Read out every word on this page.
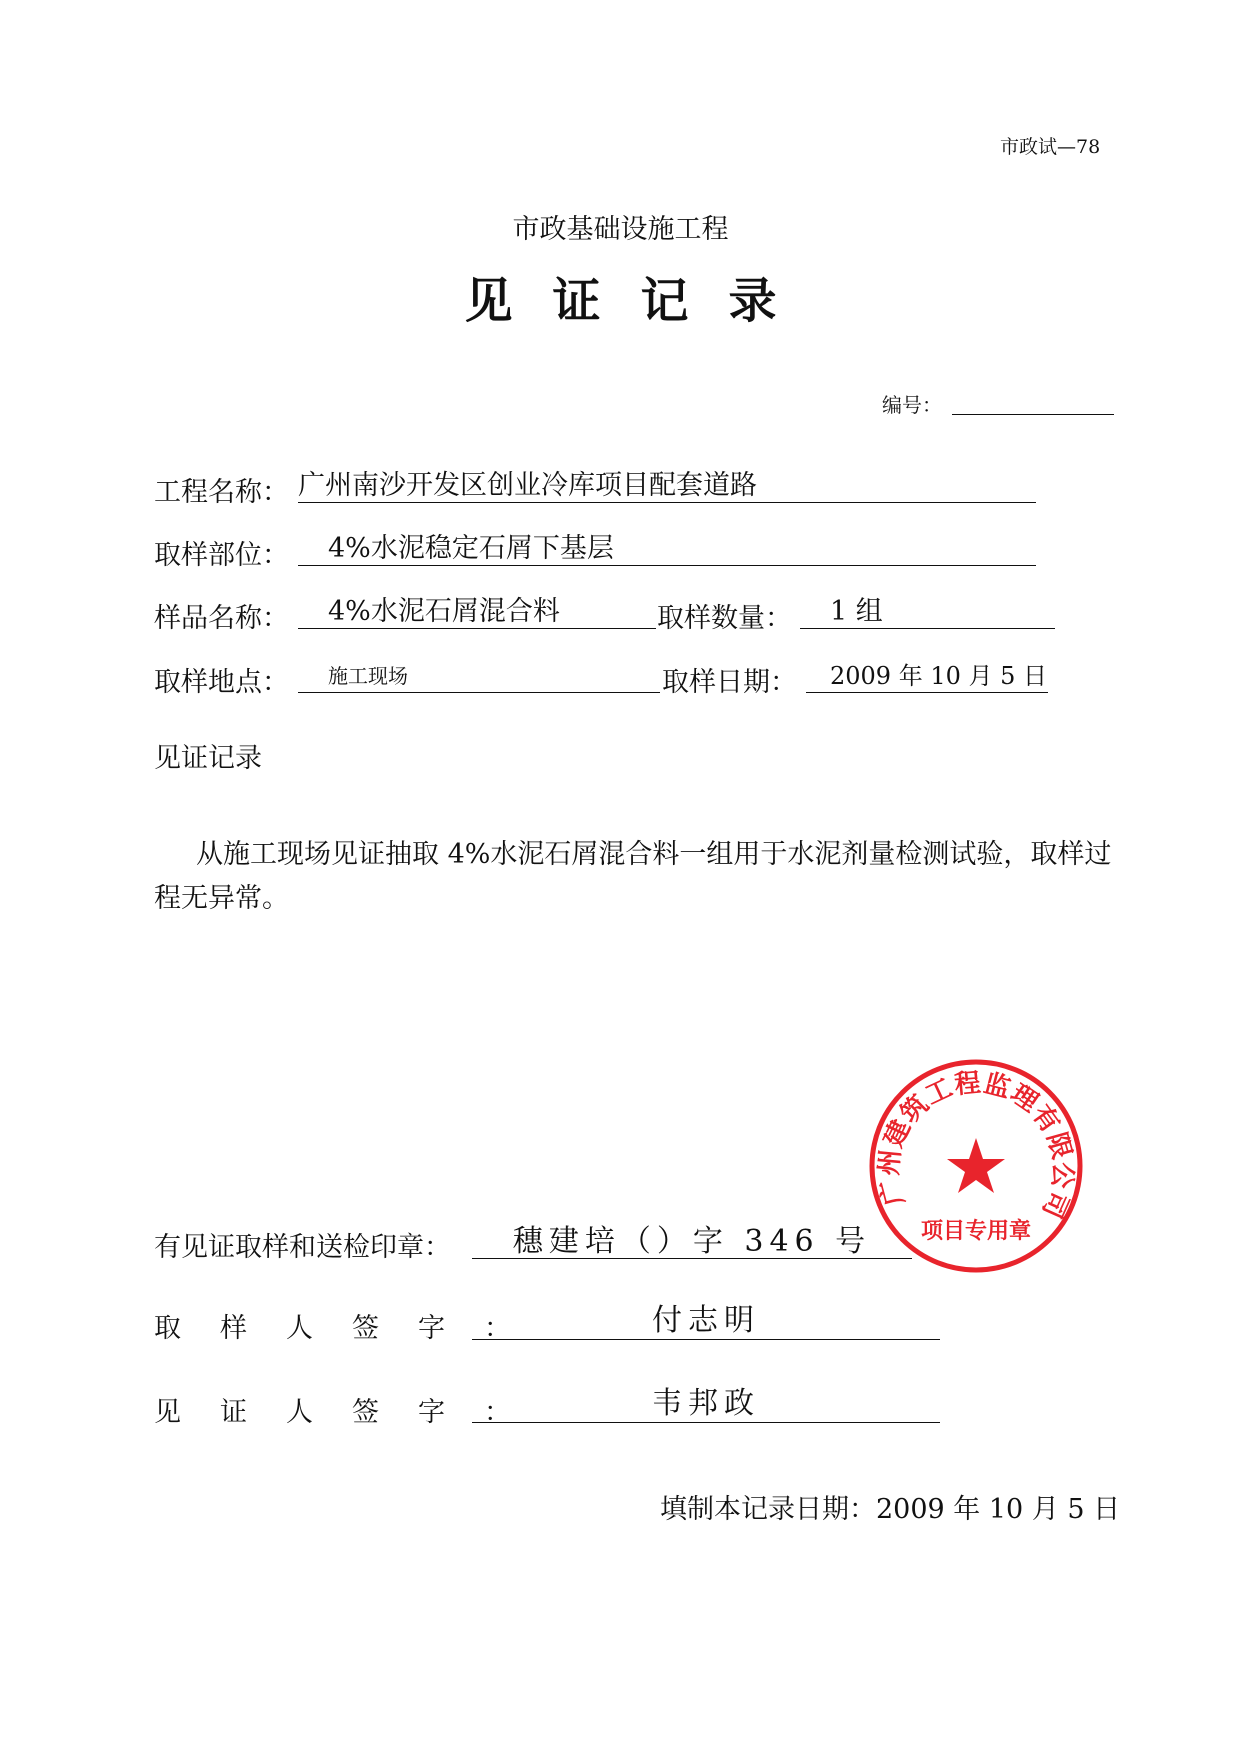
市政试—78
市政基础设施工程
见证记录
编号：
工程名称： 广州南沙开发区创业冷库项目配套道路
取样部位：	4%水泥稳定石屑下基层
样品名称：	4%水泥石屑混合料	取样数量：	1 组
取样地点：	施工现场	取样日期：	2009 年 10 月 5 日
见证记录
从施工现场见证抽取 4%水泥石屑混合料一组用于水泥剂量检测试验，取样过程无异常。
广州建筑工程监理有限公司
项目专用章
有见证取样和送检印章：	穗建培（）字 346 号
取样人签字：	付志明
见证人签字：	韦邦政
填制本记录日期：2009 年 10 月 5 日
